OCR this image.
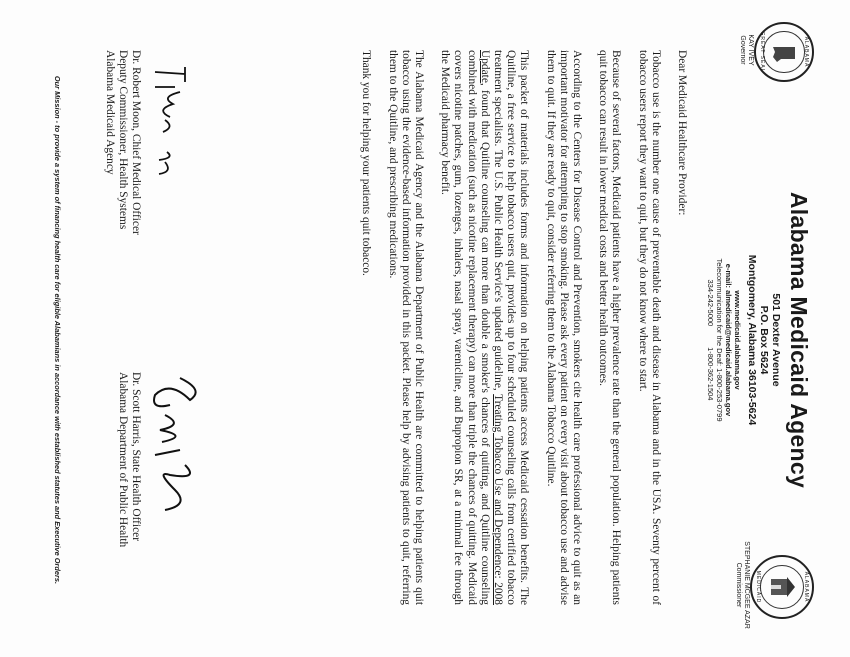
ALABAMA
GREAT SEAL
KAY IVEY
Governor
ALABAMA
MEDICAID
STEPHANIE MCGEE AZAR
Commissioner
Alabama Medicaid Agency
501 Dexter Avenue
P.O. Box 5624
Montgomery, Alabama 36103-5624
www.medicaid.alabama.gov
e-mail: almedicaid@medicaid.alabama.gov
Telecommunication for the Deaf: 1-800-253-0799
334-242-5000          1-800-362-1504

Dear Medicaid Healthcare Provider:

Tobacco use is the number one cause of preventable death and disease in Alabama and in the USA. Seventy percent of tobacco users report they want to quit, but they do not know where to start.

Because of several factors, Medicaid patients have a higher prevalence rate than the general population. Helping patients quit tobacco can result in lower medical costs and better health outcomes.

According to the Centers for Disease Control and Prevention, smokers cite health care professional advice to quit as an important motivator for attempting to stop smoking. Please ask every patient on every visit about tobacco use and advise them to quit. If they are ready to quit, consider referring them to the Alabama Tobacco Quitline.

This packet of materials includes forms and information on helping patients access Medicaid cessation benefits. The Quitline, a free service to help tobacco users quit, provides up to four scheduled counseling calls from certified tobacco treatment specialists. The U.S. Public Health Service's updated guideline, Treating Tobacco Use and Dependence: 2008 Update, found that Quitline counseling can more than double a smoker's chances of quitting, and Quitline counseling combined with medication (such as nicotine replacement therapy) can more than triple the chances of quitting. Medicaid covers nicotine patches, gum, lozenges, inhalers, nasal spray, varenicline, and Bupropion SR, at a minimal fee through the Medicaid pharmacy benefit.

The Alabama Medicaid Agency and the Alabama Department of Public Health are committed to helping patients quit tobacco using the evidence-based information provided in this packet. Please help by advising patients to quit, referring them to the Quitline, and prescribing medications.

Thank you for helping your patients quit tobacco.

Dr. Robert Moon, Chief Medical Officer
Deputy Commissioner, Health Systems
Alabama Medicaid Agency
Dr. Scott Harris, State Health Officer
Alabama Department of Public Health
Our Mission - to provide a system of financing health care for eligible Alabamians in accordance with established statutes and Executive Orders.
